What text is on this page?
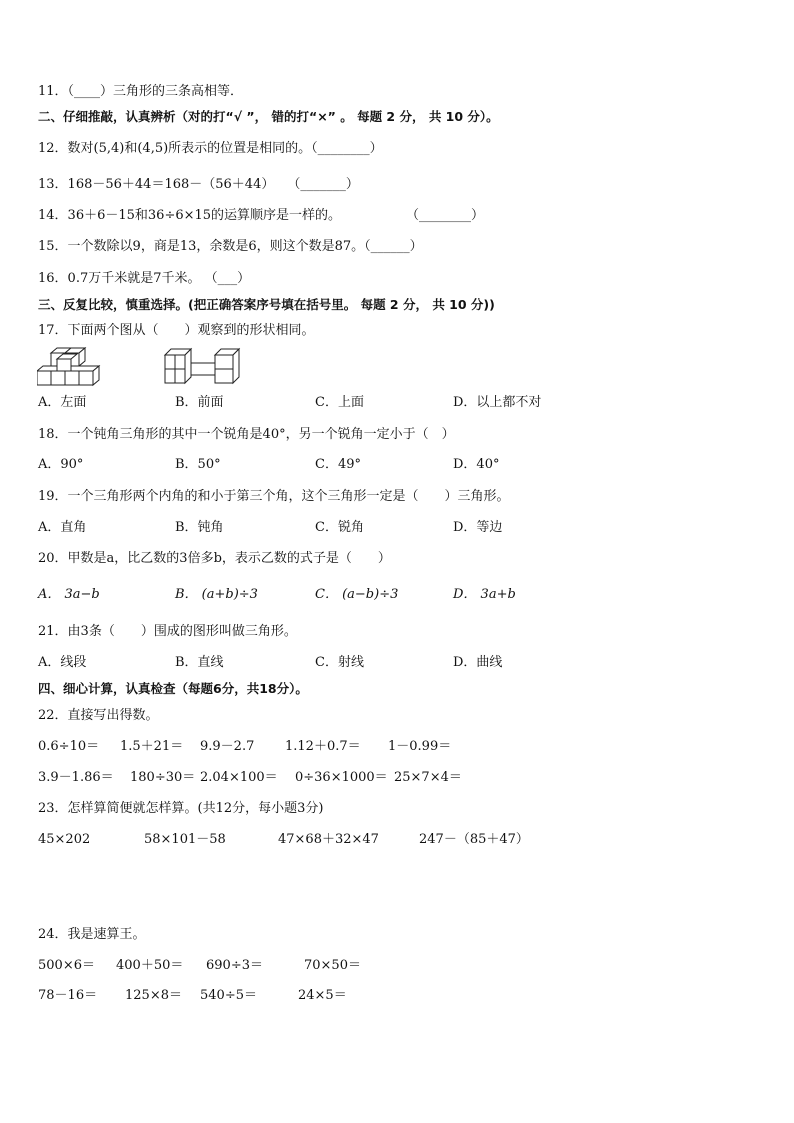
11．（____）三角形的三条高相等．
二、仔细推敲，认真辨析（对的打“√ ”， 错的打“×” 。 每题 2 分， 共 10 分）。
12．数对(5,4)和(4,5)所表示的位置是相同的。（________）
13．168－56＋44＝168－（56＋44）　　（_______）
14．36＋6－15和36÷6×15的运算顺序是一样的。　　　　　　（________）
15．一个数除以9，商是13，余数是6，则这个数是87。（______）
16．0.7万千米就是7千米。 （___）
三、反复比较，慎重选择。(把正确答案序号填在括号里。 每题 2 分， 共 10 分))
17．下面两个图从（　　）观察到的形状相同。
A．左面	B．前面	C．上面	D．以上都不对
18．一个钝角三角形的其中一个锐角是40°，另一个锐角一定小于（　）
A．90°	B．50°	C．49°	D．40°
19．一个三角形两个内角的和小于第三个角，这个三角形一定是（　　）三角形。
A．直角	B．钝角	C．锐角	D．等边
20．甲数是a，比乙数的3倍多b，表示乙数的式子是（　　）
A． 3a−b	B． (a+b)÷3	C． (a−b)÷3	D． 3a+b
21．由3条（　　）围成的图形叫做三角形。
A．线段	B．直线	C．射线	D．曲线
四、细心计算，认真检查（每题6分，共18分）。
22．直接写出得数。
0.6÷10＝ 1.5＋21＝ 9.9－2.7 1.12＋0.7＝ 1－0.99＝
3.9－1.86＝ 180÷30＝ 2.04×100＝ 0÷36×1000＝ 25×7×4＝
23．怎样算简便就怎样算。(共12分，每小题3分)
45×202	58×101－58	47×68＋32×47	247－（85＋47）
24．我是速算王。
500×6＝ 400＋50＝ 690÷3＝	70×50＝
78－16＝ 125×8＝ 540÷5＝	24×5＝
